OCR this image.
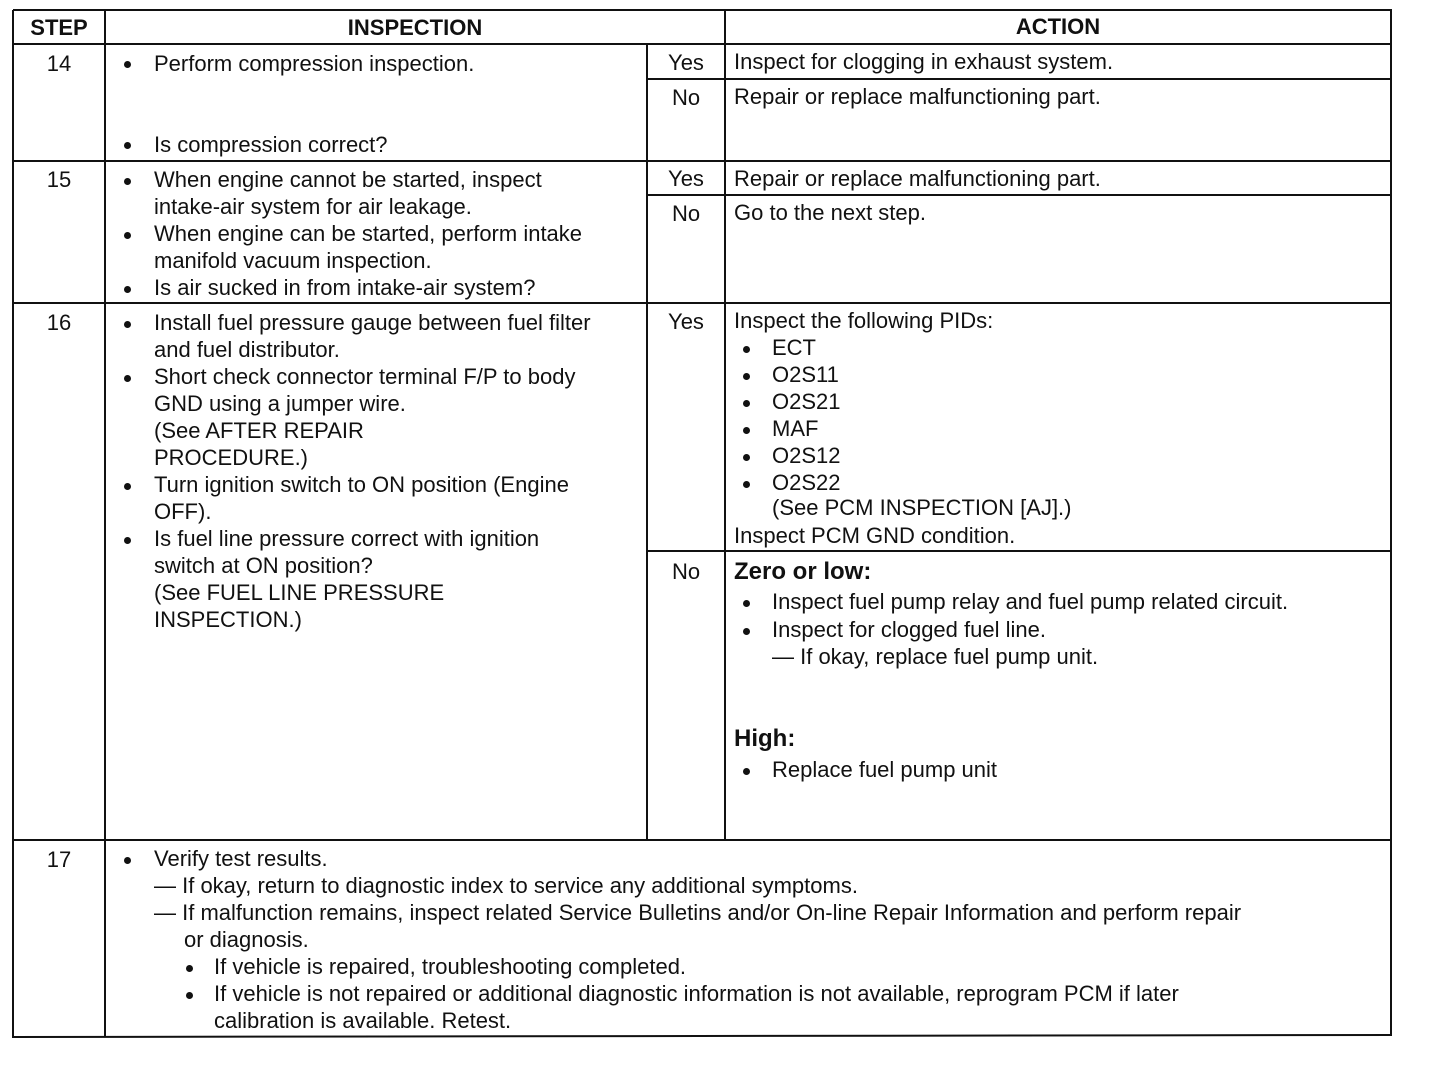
STEP	INSPECTION	ACTION
14	Perform compression inspection.
Is compression correct?
Yes	Inspect for clogging in exhaust system.
No	Repair or replace malfunctioning part.
15	When engine cannot be started, inspect
intake-air system for air leakage.
When engine can be started, perform intake
manifold vacuum inspection.
Is air sucked in from intake-air system?
Yes	Repair or replace malfunctioning part.
No	Go to the next step.
16	Install fuel pressure gauge between fuel filter
and fuel distributor.
Short check connector terminal F/P to body
GND using a jumper wire.
(See AFTER REPAIR
PROCEDURE.)
Turn ignition switch to ON position (Engine
OFF).
Is fuel line pressure correct with ignition
switch at ON position?
(See FUEL LINE PRESSURE
INSPECTION.)
Yes	Inspect the following PIDs:
ECT
O2S11
O2S21
MAF
O2S12
O2S22
(See PCM INSPECTION [AJ].)
Inspect PCM GND condition.
No	Zero or low:
Inspect fuel pump relay and fuel pump related circuit.
Inspect for clogged fuel line.
— If okay, replace fuel pump unit.
High:
Replace fuel pump unit
17	Verify test results.
— If okay, return to diagnostic index to service any additional symptoms.
— If malfunction remains, inspect related Service Bulletins and/or On-line Repair Information and perform repair
or diagnosis.
If vehicle is repaired, troubleshooting completed.
If vehicle is not repaired or additional diagnostic information is not available, reprogram PCM if later
calibration is available. Retest.
